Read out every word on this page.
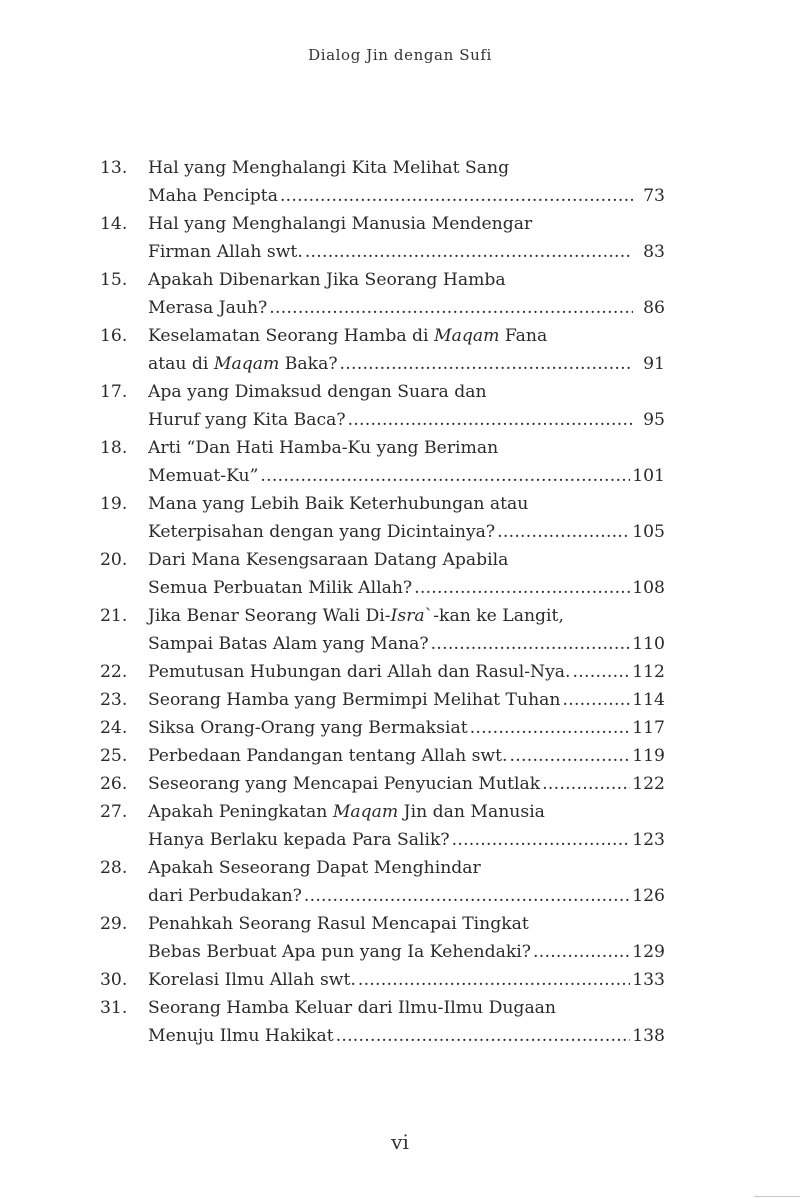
Dialog Jin dengan Sufi
13.	Hal yang Menghalangi Kita Melihat Sang
Maha Pencipta . . .	73
14.	Hal yang Menghalangi Manusia Mendengar
Firman Allah swt. . . .	83
15.	Apakah Dibenarkan Jika Seorang Hamba
Merasa Jauh? . . .	86
16.	Keselamatan Seorang Hamba di Maqam Fana
atau di Maqam Baka? . . .	91
17.	Apa yang Dimaksud dengan Suara dan
Huruf yang Kita Baca? . . .	95
18.	Arti “Dan Hati Hamba-Ku yang Beriman
Memuat-Ku” . . .	101
19.	Mana yang Lebih Baik Keterhubungan atau
Keterpisahan dengan yang Dicintainya? . . .	105
20.	Dari Mana Kesengsaraan Datang Apabila
Semua Perbuatan Milik Allah? . . .	108
21.	Jika Benar Seorang Wali Di-Isra`-kan ke Langit,
Sampai Batas Alam yang Mana? . . .	110
22.	Pemutusan Hubungan dari Allah dan Rasul-Nya. . . .	112
23.	Seorang Hamba yang Bermimpi Melihat Tuhan . . .	114
24.	Siksa Orang-Orang yang Bermaksiat . . .	117
25.	Perbedaan Pandangan tentang Allah swt. . . .	119
26.	Seseorang yang Mencapai Penyucian Mutlak . . .	122
27.	Apakah Peningkatan Maqam Jin dan Manusia
Hanya Berlaku kepada Para Salik? . . .	123
28.	Apakah Seseorang Dapat Menghindar
dari Perbudakan? . . .	126
29.	Penahkah Seorang Rasul Mencapai Tingkat
Bebas Berbuat Apa pun yang Ia Kehendaki? . . .	129
30.	Korelasi Ilmu Allah swt. . . .	133
31.	Seorang Hamba Keluar dari Ilmu-Ilmu Dugaan
Menuju Ilmu Hakikat . . .	138
vi
